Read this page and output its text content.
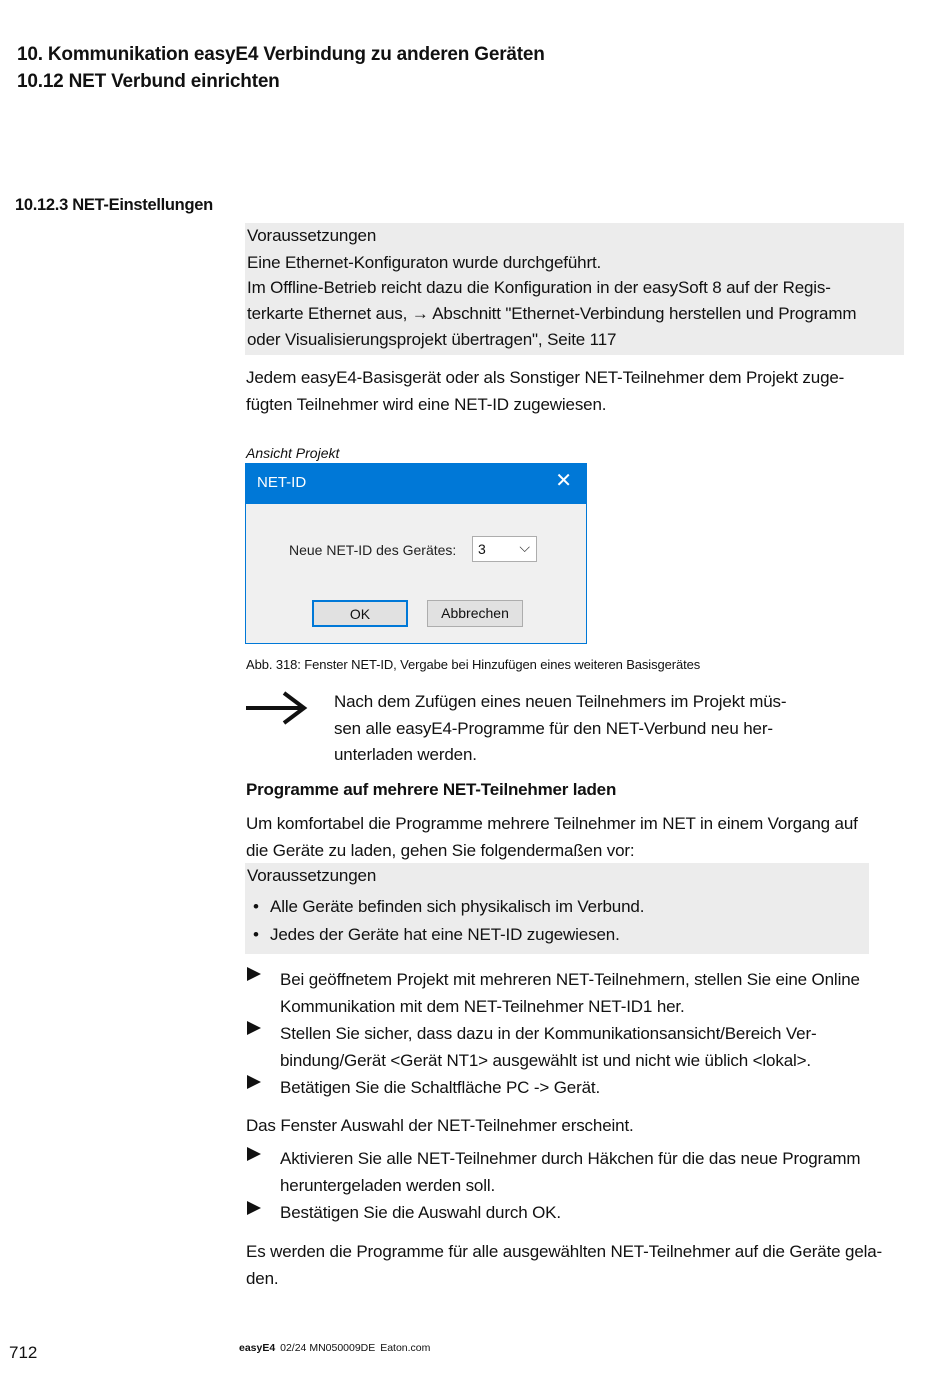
10. Kommunikation easyE4 Verbindung zu anderen Geräten
10.12 NET Verbund einrichten
10.12.3 NET-Einstellungen
Voraussetzungen
Eine Ethernet-Konfiguraton wurde durchgeführt.
Im Offline-Betrieb reicht dazu die Konfiguration in der easySoft 8 auf der Regis-
terkarte Ethernet aus, → Abschnitt "Ethernet-Verbindung herstellen und Programm
oder Visualisierungsprojekt übertragen", Seite 117
Jedem easyE4-Basisgerät oder als Sonstiger NET-Teilnehmer dem Projekt zuge-
fügten Teilnehmer wird eine NET-ID zugewiesen.
Ansicht Projekt
NET-ID	✕
Neue NET-ID des Gerätes: 3 ⌵
OK	Abbrechen
Abb. 318: Fenster NET-ID, Vergabe bei Hinzufügen eines weiteren Basisgerätes
Nach dem Zufügen eines neuen Teilnehmers im Projekt müs-
sen alle easyE4-Programme für den NET-Verbund neu her-
unterladen werden.
Programme auf mehrere NET-Teilnehmer laden
Um komfortabel die Programme mehrere Teilnehmer im NET in einem Vorgang auf
die Geräte zu laden, gehen Sie folgendermaßen vor:
Voraussetzungen
• Alle Geräte befinden sich physikalisch im Verbund.
• Jedes der Geräte hat eine NET-ID zugewiesen.
Bei geöffnetem Projekt mit mehreren NET-Teilnehmern, stellen Sie eine Online
Kommunikation mit dem NET-Teilnehmer NET-ID1 her.
Stellen Sie sicher, dass dazu in der Kommunikationsansicht/Bereich Ver-
bindung/Gerät <Gerät NT1> ausgewählt ist und nicht wie üblich <lokal>.
Betätigen Sie die Schaltfläche PC -> Gerät.
Das Fenster Auswahl der NET-Teilnehmer erscheint.
Aktivieren Sie alle NET-Teilnehmer durch Häkchen für die das neue Programm
heruntergeladen werden soll.
Bestätigen Sie die Auswahl durch OK.
Es werden die Programme für alle ausgewählten NET-Teilnehmer auf die Geräte gela-
den.
712	easyE4 02/24 MN050009DE Eaton.com
